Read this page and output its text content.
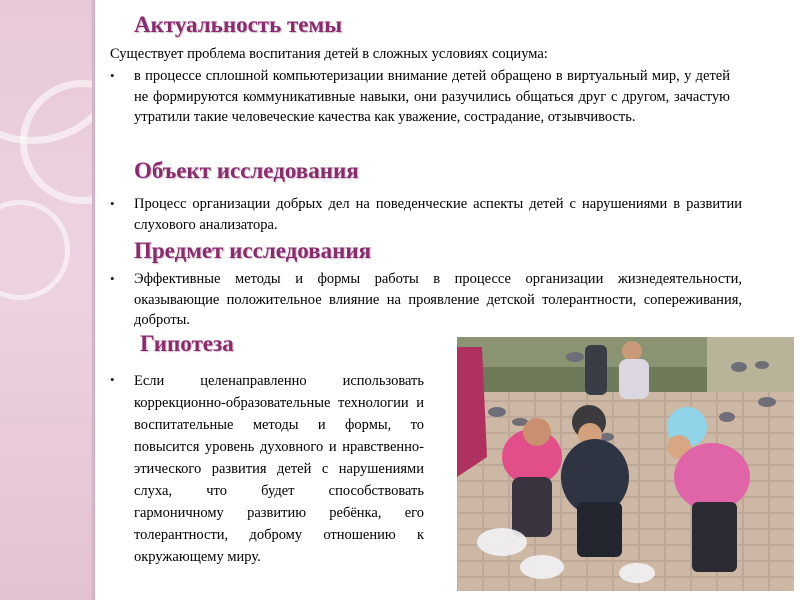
Актуальность темы

Существует проблема воспитания детей в сложных условиях социума:

• в процессе сплошной компьютеризации внимание детей обращено в виртуальный мир, у детей не формируются коммуникативные навыки, они разучились общаться друг с другом, зачастую утратили такие человеческие качества как уважение, сострадание, отзывчивость.

Объект исследования
• Процесс организации добрых дел на поведенческие аспекты детей с нарушениями в развитии слухового анализатора.

Предмет исследования
• Эффективные методы и формы работы в процессе организации жизнедеятельности, оказывающие положительное влияние на проявление детской толерантности, сопереживания, доброты.

Гипотеза
• Если целенаправленно использовать коррекционно-образовательные технологии и воспитательные методы и формы, то повысится уровень духовного и нравственно-этического развития детей с нарушениями слуха, что будет способствовать гармоничному развитию ребёнка, его толерантности, доброму отношению к окружающему миру.
